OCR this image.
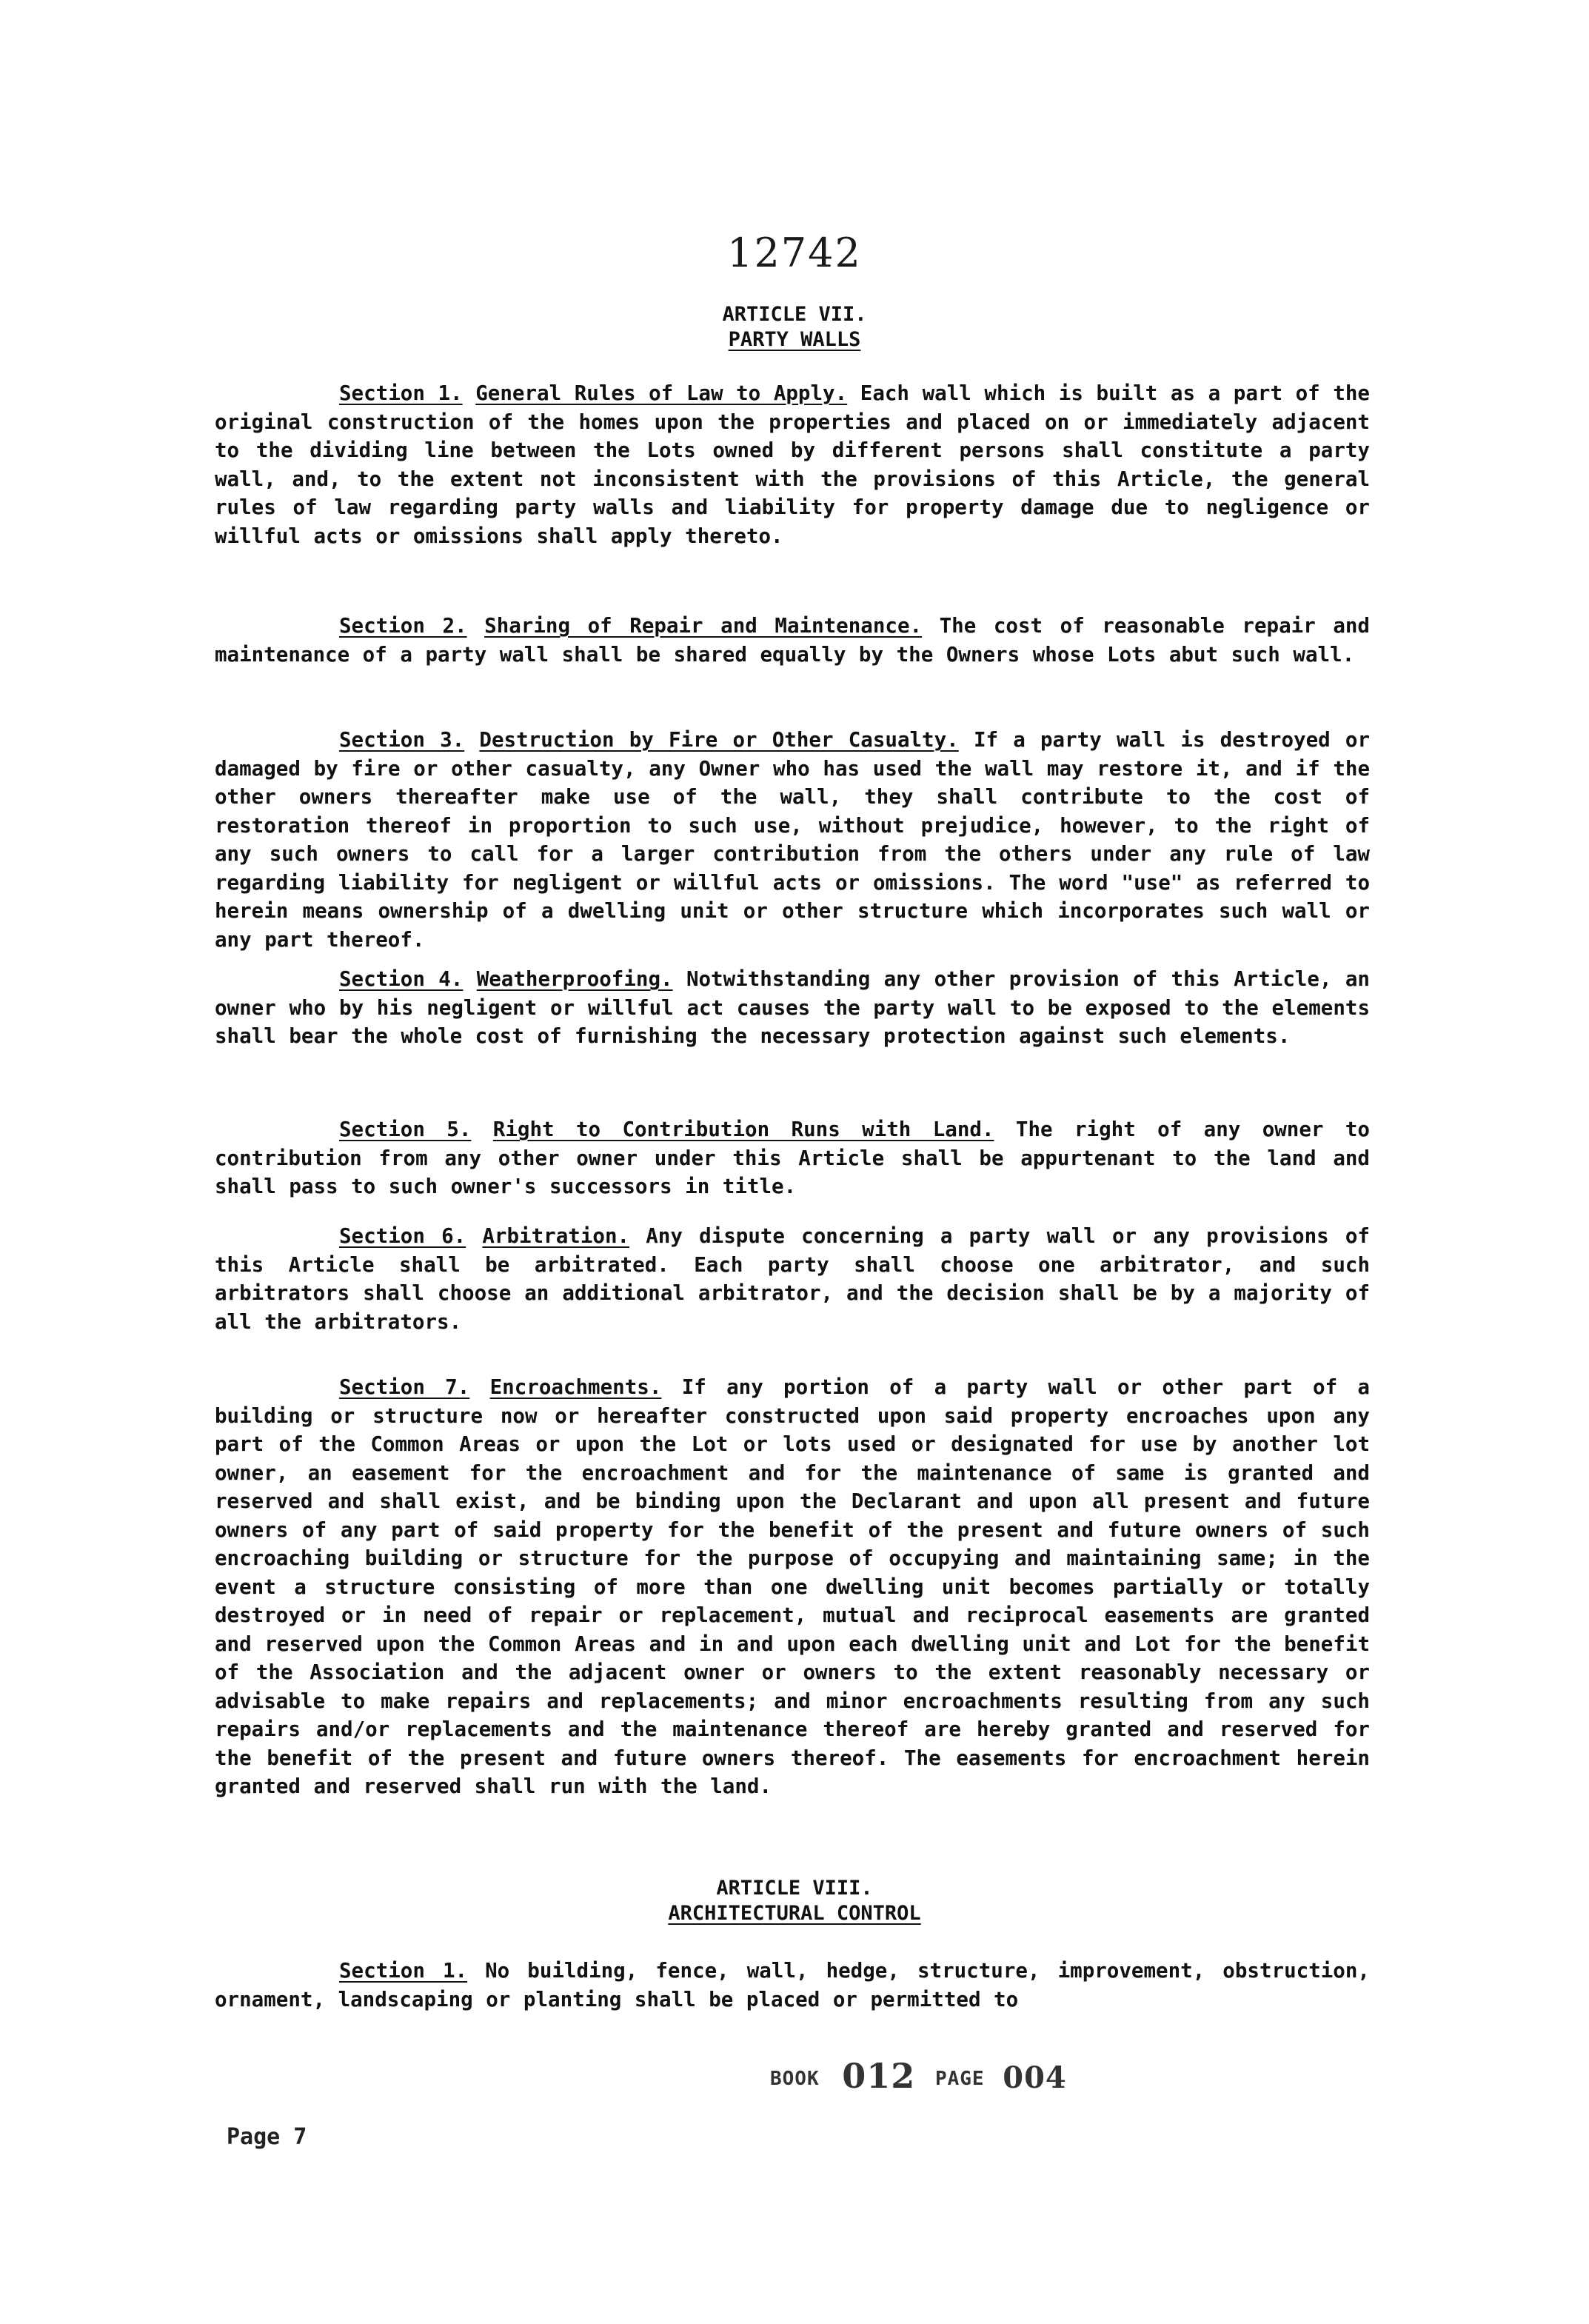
12742
ARTICLE VII.
PARTY WALLS
Section 1. General Rules of Law to Apply. Each wall which is built as a part of the original construction of the homes upon the properties and placed on or immediately adjacent to the dividing line between the Lots owned by different persons shall constitute a party wall, and, to the extent not inconsistent with the provisions of this Article, the general rules of law regarding party walls and liability for property damage due to negligence or willful acts or omissions shall apply thereto.
Section 2. Sharing of Repair and Maintenance. The cost of reasonable repair and maintenance of a party wall shall be shared equally by the Owners whose Lots abut such wall.
Section 3. Destruction by Fire or Other Casualty. If a party wall is destroyed or damaged by fire or other casualty, any Owner who has used the wall may restore it, and if the other owners thereafter make use of the wall, they shall contribute to the cost of restoration thereof in proportion to such use, without prejudice, however, to the right of any such owners to call for a larger contribution from the others under any rule of law regarding liability for negligent or willful acts or omissions. The word "use" as referred to herein means ownership of a dwelling unit or other structure which incorporates such wall or any part thereof.
Section 4. Weatherproofing. Notwithstanding any other provision of this Article, an owner who by his negligent or willful act causes the party wall to be exposed to the elements shall bear the whole cost of furnishing the necessary protection against such elements.
Section 5. Right to Contribution Runs with Land. The right of any owner to contribution from any other owner under this Article shall be appurtenant to the land and shall pass to such owner's successors in title.
Section 6. Arbitration. Any dispute concerning a party wall or any provisions of this Article shall be arbitrated. Each party shall choose one arbitrator, and such arbitrators shall choose an additional arbitrator, and the decision shall be by a majority of all the arbitrators.
Section 7. Encroachments. If any portion of a party wall or other part of a building or structure now or hereafter constructed upon said property encroaches upon any part of the Common Areas or upon the Lot or lots used or designated for use by another lot owner, an easement for the encroachment and for the maintenance of same is granted and reserved and shall exist, and be binding upon the Declarant and upon all present and future owners of any part of said property for the benefit of the present and future owners of such encroaching building or structure for the purpose of occupying and maintaining same; in the event a structure consisting of more than one dwelling unit becomes partially or totally destroyed or in need of repair or replacement, mutual and reciprocal easements are granted and reserved upon the Common Areas and in and upon each dwelling unit and Lot for the benefit of the Association and the adjacent owner or owners to the extent reasonably necessary or advisable to make repairs and replacements; and minor encroachments resulting from any such repairs and/or replacements and the maintenance thereof are hereby granted and reserved for the benefit of the present and future owners thereof. The easements for encroachment herein granted and reserved shall run with the land.
ARTICLE VIII.
ARCHITECTURAL CONTROL
Section 1. No building, fence, wall, hedge, structure, improvement, obstruction, ornament, landscaping or planting shall be placed or permitted to
BOOK 012 PAGE 004
Page 7
